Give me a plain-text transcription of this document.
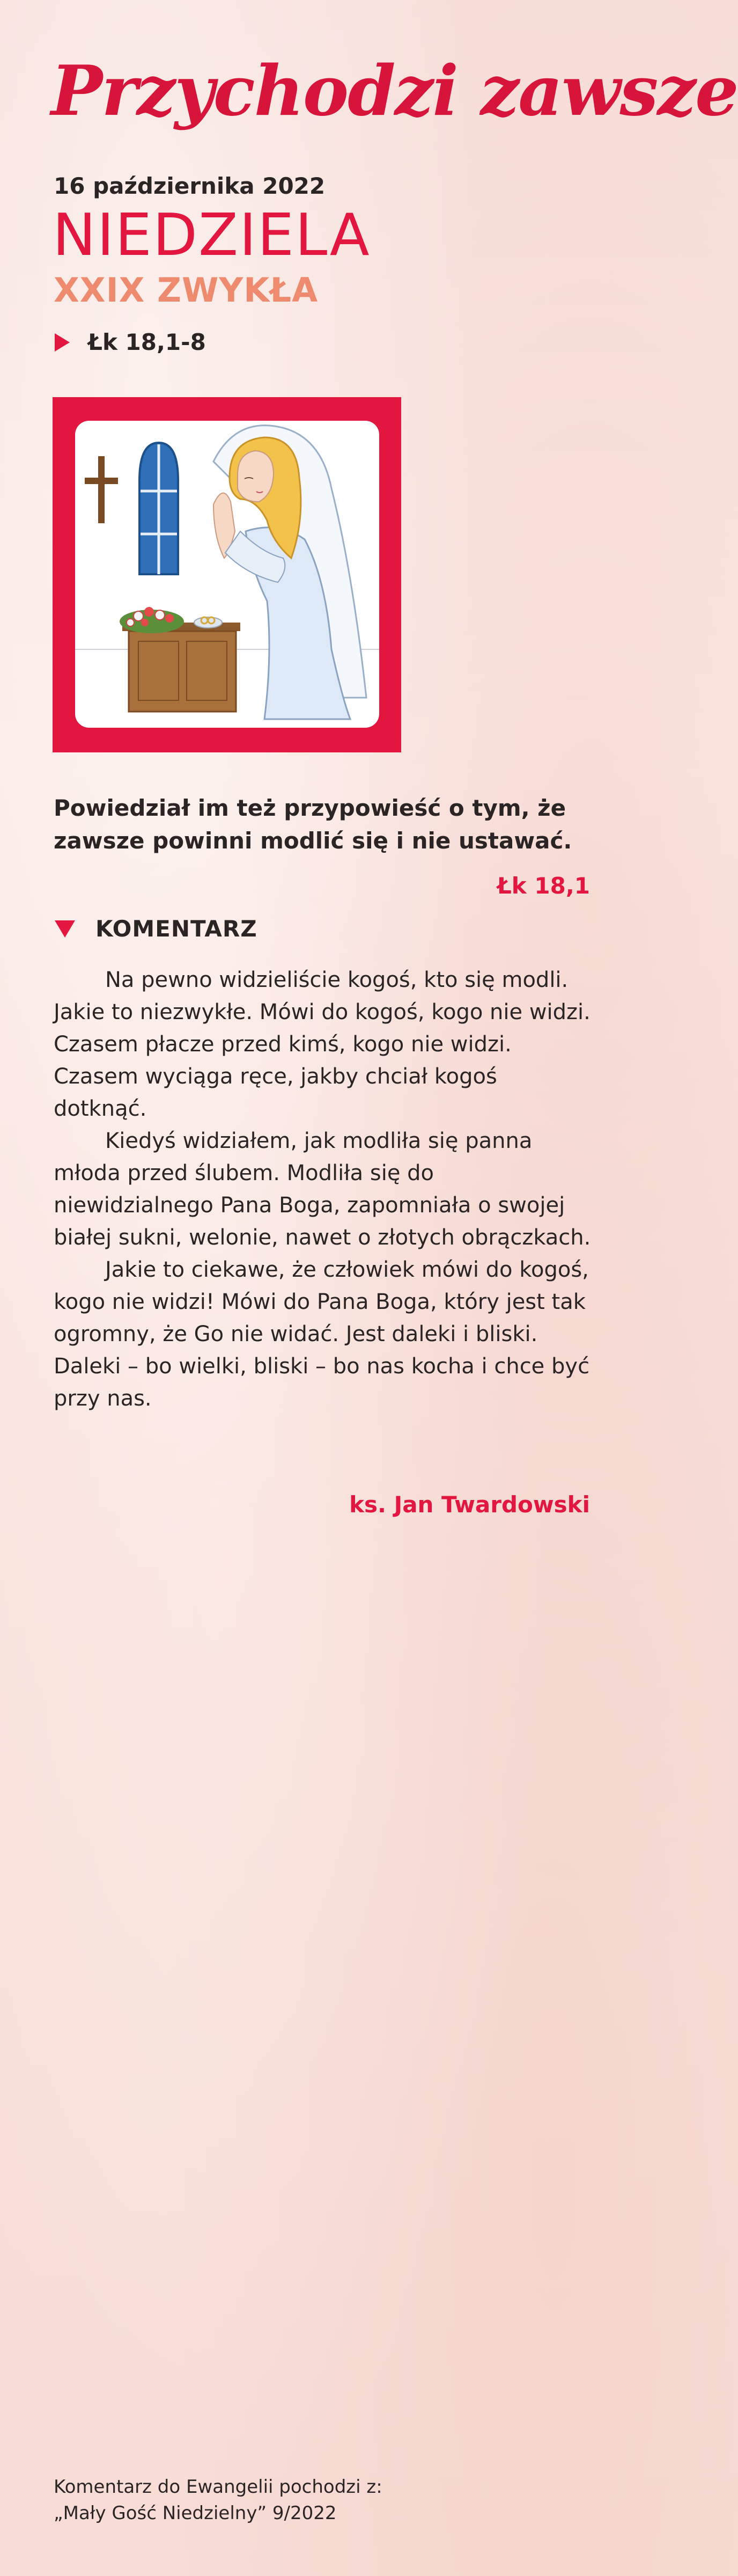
Przychodzi zawsze
16 października 2022
NIEDZIELA
XXIX ZWYKŁA
Łk 18,1-8
Powiedział im też przypowieść o tym, że zawsze powinni modlić się i nie ustawać.
Łk 18,1
KOMENTARZ

Na pewno widzieliście kogoś, kto się modli. Jakie to niezwykłe. Mówi do kogoś, kogo nie widzi. Czasem płacze przed kimś, kogo nie widzi. Czasem wyciąga ręce, jakby chciał kogoś dotknąć.

Kiedyś widziałem, jak modliła się panna młoda przed ślubem. Modliła się do niewidzialnego Pana Boga, zapomniała o swojej białej sukni, welonie, nawet o złotych obrączkach.

Jakie to ciekawe, że człowiek mówi do kogoś, kogo nie widzi! Mówi do Pana Boga, który jest tak ogromny, że Go nie widać. Jest daleki i bliski. Daleki – bo wielki, bliski – bo nas kocha i chce być przy nas.

ks. Jan Twardowski
Komentarz do Ewangelii pochodzi z:
„Mały Gość Niedzielny” 9/2022
